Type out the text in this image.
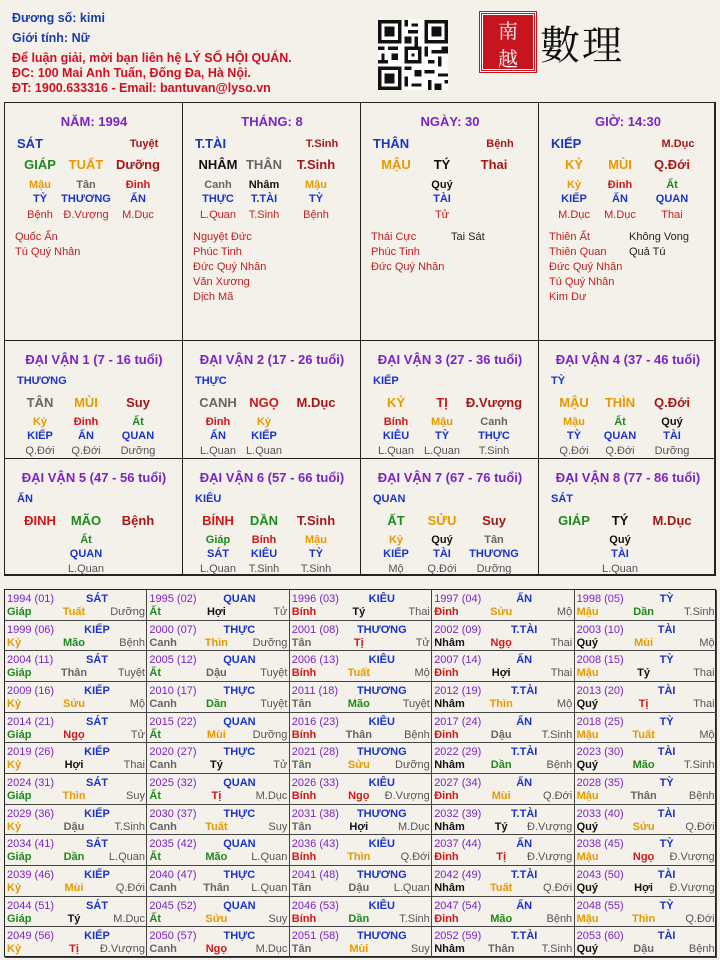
Đương số: kimi
Giới tính: Nữ
Để luận giải, mời bạn liên hệ LÝ SỐ HỘI QUÁN.
ĐC: 100 Mai Anh Tuấn, Đống Đa, Hà Nội.
ĐT: 1900.633316 - Email: bantuvan@lyso.vn
南
越 數理
NĂM: 1994
SÁT	Tuyệt
GIÁP TUẤT Dưỡng
Mậu	Tân	Đinh
TỲ	THƯƠNG	ẤN
Bệnh Đ.Vượng	M.Dục
Quốc Ấn
Tú Quý Nhân
THÁNG: 8
T.TÀI	T.Sinh
NHÂM THÂN	T.Sinh
Canh	Nhâm	Mậu
THỰC	T.TÀI	TỲ
L.Quan	T.Sinh	Bệnh
Nguyệt Đức
Phúc Tinh
Đức Quý Nhân
Văn Xương
Dịch Mã
NGÀY: 30
THÂN	Bệnh
MẬU	TÝ	Thai
Quý
TÀI
Tử
Thái Cực
Phúc Tinh
Đức Quý Nhân
Tai Sát
GIỜ: 14:30
KIẾP	M.Dục
KỶ	MÙI	Q.Đới
Kỷ	Đinh	Ất
KIẾP	ẤN	QUAN
M.Dục	M.Dục	Thai
Thiên Ất
Thiên Quan
Đức Quý Nhân
Tú Quý Nhân
Kim Dư
Không Vong
Quả Tú
ĐẠI VẬN 1 (7 - 16 tuổi)
THƯƠNG
TÂN	MÙI	Suy
Kỷ	Đinh	Ất
KIẾP	ẤN	QUAN
Q.Đới	Q.Đới	Dưỡng
ĐẠI VẬN 2 (17 - 26 tuổi)
THỰC
CANH NGỌ	M.Dục
Đinh	Kỷ
ẤN	KIẾP
L.Quan L.Quan
ĐẠI VẬN 3 (27 - 36 tuổi)
KIẾP
KỶ	TỊ	Đ.Vượng
Bính	Mậu	Canh
KIÊU	TỲ	THỰC
L.Quan L.Quan	T.Sinh
ĐẠI VẬN 4 (37 - 46 tuổi)
TỲ
MẬU	THÌN	Q.Đới
Mậu	Ất	Quý
TỲ	QUAN	TÀI
Q.Đới	Q.Đới	Dưỡng
ĐẠI VẬN 5 (47 - 56 tuổi)
ẤN
ĐINH	MÃO	Bệnh
Ất
QUAN
L.Quan
ĐẠI VẬN 6 (57 - 66 tuổi)
KIÊU
BÍNH	DẦN	T.Sinh
Giáp	Bính	Mậu
SÁT	KIÊU	TỲ
L.Quan	T.Sinh	T.Sinh
ĐẠI VẬN 7 (67 - 76 tuổi)
QUAN
ẤT	SỬU	Suy
Kỷ	Quý	Tân
KIẾP	TÀI	THƯƠNG
Mộ	Q.Đới	Dưỡng
ĐẠI VẬN 8 (77 - 86 tuổi)
SÁT
GIÁP	TÝ	M.Dục
Quý
TÀI
L.Quan
1994 (01)	SÁT
Giáp	Tuất	Dưỡng
1995 (02)	QUAN
Ất	Hợi	Tử
1996 (03)	KIÊU
Bính	Tý	Thai
1997 (04)	ẤN
Đinh	Sửu	Mộ
1998 (05)	TỲ
Mậu	Dần	T.Sinh
1999 (06)	KIẾP
Kỷ	Mão	Bệnh
2000 (07)	THỰC
Canh	Thìn	Dưỡng
2001 (08)	THƯƠNG
Tân	Tị	Tử
2002 (09)	T.TÀI
Nhâm	Ngọ	Thai
2003 (10)	TÀI
Quý	Mùi	Mộ
2004 (11)	SÁT
Giáp	Thân	Tuyệt
2005 (12)	QUAN
Ất	Dậu	Tuyệt
2006 (13)	KIÊU
Bính	Tuất	Mộ
2007 (14)	ẤN
Đinh	Hợi	Thai
2008 (15)	TỲ
Mậu	Tý	Thai
2009 (16)	KIẾP
Kỷ	Sửu	Mộ
2010 (17)	THỰC
Canh	Dần	Tuyệt
2011 (18)	THƯƠNG
Tân	Mão	Tuyệt
2012 (19)	T.TÀI
Nhâm	Thìn	Mộ
2013 (20)	TÀI
Quý	Tị	Thai
2014 (21)	SÁT
Giáp	Ngọ	Tử
2015 (22)	QUAN
Ất	Mùi	Dưỡng
2016 (23)	KIÊU
Bính	Thân	Bệnh
2017 (24)	ẤN
Đinh	Dậu	T.Sinh
2018 (25)	TỲ
Mậu	Tuất	Mộ
2019 (26)	KIẾP
Kỷ	Hợi	Thai
2020 (27)	THỰC
Canh	Tý	Tử
2021 (28)	THƯƠNG
Tân	Sửu	Dưỡng
2022 (29)	T.TÀI
Nhâm	Dần	Bệnh
2023 (30)	TÀI
Quý	Mão	T.Sinh
2024 (31)	SÁT
Giáp	Thìn	Suy
2025 (32)	QUAN
Ất	Tị	M.Dục
2026 (33)	KIÊU
Bính	Ngọ	Đ.Vượng
2027 (34)	ẤN
Đinh	Mùi	Q.Đới
2028 (35)	TỲ
Mậu	Thân	Bệnh
2029 (36)	KIẾP
Kỷ	Dậu	T.Sinh
2030 (37)	THỰC
Canh	Tuất	Suy
2031 (38)	THƯƠNG
Tân	Hợi	M.Dục
2032 (39)	T.TÀI
Nhâm	Tý	Đ.Vượng
2033 (40)	TÀI
Quý	Sửu	Q.Đới
2034 (41)	SÁT
Giáp	Dần	L.Quan
2035 (42)	QUAN
Ất	Mão	L.Quan
2036 (43)	KIÊU
Bính	Thìn	Q.Đới
2037 (44)	ẤN
Đinh	Tị	Đ.Vượng
2038 (45)	TỲ
Mậu	Ngọ	Đ.Vượng
2039 (46)	KIẾP
Kỷ	Mùi	Q.Đới
2040 (47)	THỰC
Canh	Thân	L.Quan
2041 (48)	THƯƠNG
Tân	Dậu	L.Quan
2042 (49)	T.TÀI
Nhâm	Tuất	Q.Đới
2043 (50)	TÀI
Quý	Hợi	Đ.Vượng
2044 (51)	SÁT
Giáp	Tý	M.Dục
2045 (52)	QUAN
Ất	Sửu	Suy
2046 (53)	KIÊU
Bính	Dần	T.Sinh
2047 (54)	ẤN
Đinh	Mão	Bệnh
2048 (55)	TỲ
Mậu	Thìn	Q.Đới
2049 (56)	KIẾP
Kỷ	Tị	Đ.Vượng
2050 (57)	THỰC
Canh	Ngọ	M.Dục
2051 (58)	THƯƠNG
Tân	Mùi	Suy
2052 (59)	T.TÀI
Nhâm	Thân	T.Sinh
2053 (60)	TÀI
Quý	Dậu	Bệnh
